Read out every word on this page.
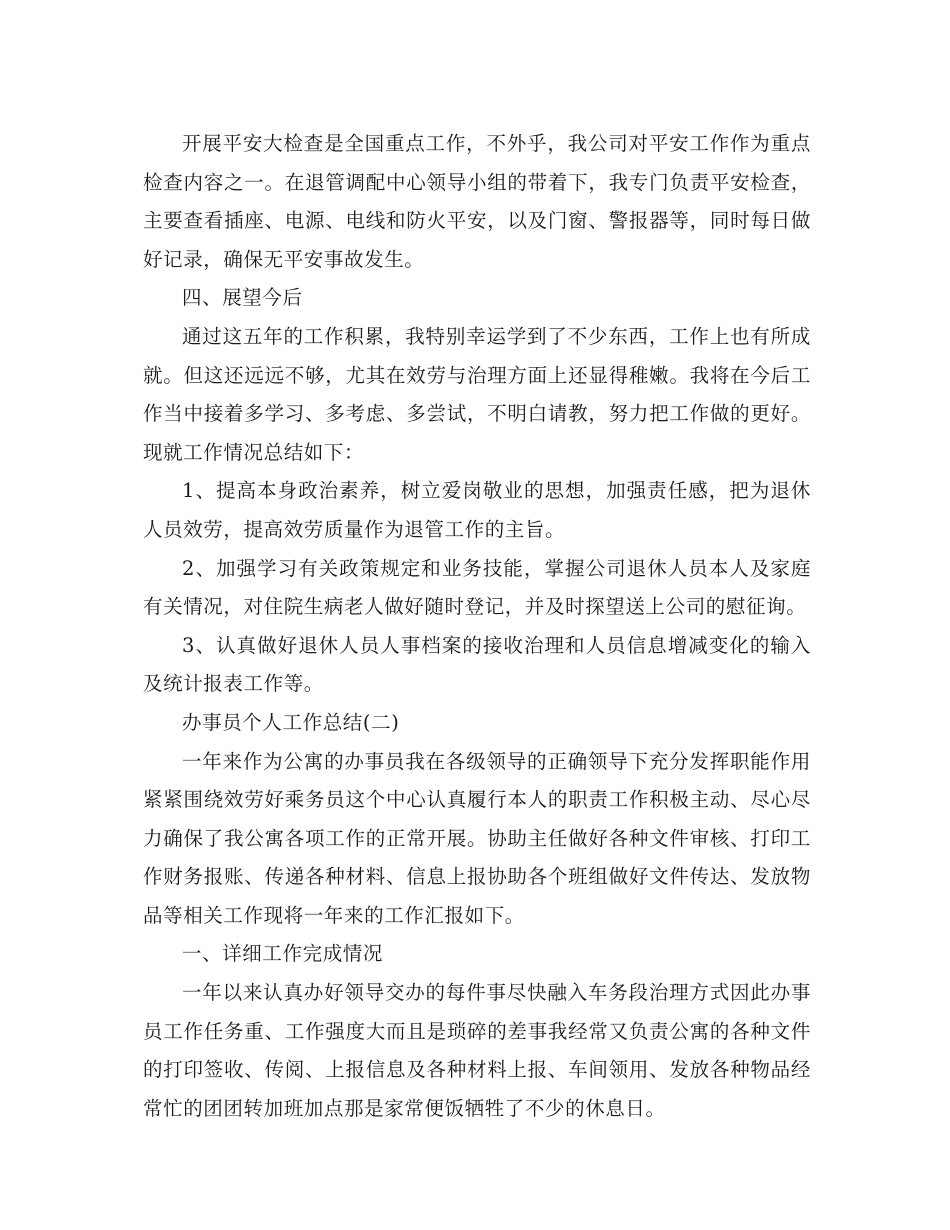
开展平安大检查是全国重点工作，不外乎，我公司对平安工作作为重点检查内容之一。在退管调配中心领导小组的带着下，我专门负责平安检查，主要查看插座、电源、电线和防火平安，以及门窗、警报器等，同时每日做好记录，确保无平安事故发生。

四、展望今后

通过这五年的工作积累，我特别幸运学到了不少东西，工作上也有所成就。但这还远远不够，尤其在效劳与治理方面上还显得稚嫩。我将在今后工作当中接着多学习、多考虑、多尝试，不明白请教，努力把工作做的更好。现就工作情况总结如下：

1、提高本身政治素养，树立爱岗敬业的思想，加强责任感，把为退休人员效劳，提高效劳质量作为退管工作的主旨。

2、加强学习有关政策规定和业务技能，掌握公司退休人员本人及家庭有关情况，对住院生病老人做好随时登记，并及时探望送上公司的慰征询。

3、认真做好退休人员人事档案的接收治理和人员信息增减变化的输入及统计报表工作等。

办事员个人工作总结(二)

一年来作为公寓的办事员我在各级领导的正确领导下充分发挥职能作用紧紧围绕效劳好乘务员这个中心认真履行本人的职责工作积极主动、尽心尽力确保了我公寓各项工作的正常开展。协助主任做好各种文件审核、打印工作财务报账、传递各种材料、信息上报协助各个班组做好文件传达、发放物品等相关工作现将一年来的工作汇报如下。

一、详细工作完成情况

一年以来认真办好领导交办的每件事尽快融入车务段治理方式因此办事员工作任务重、工作强度大而且是琐碎的差事我经常又负责公寓的各种文件的打印签收、传阅、上报信息及各种材料上报、车间领用、发放各种物品经常忙的团团转加班加点那是家常便饭牺牲了不少的休息日。
